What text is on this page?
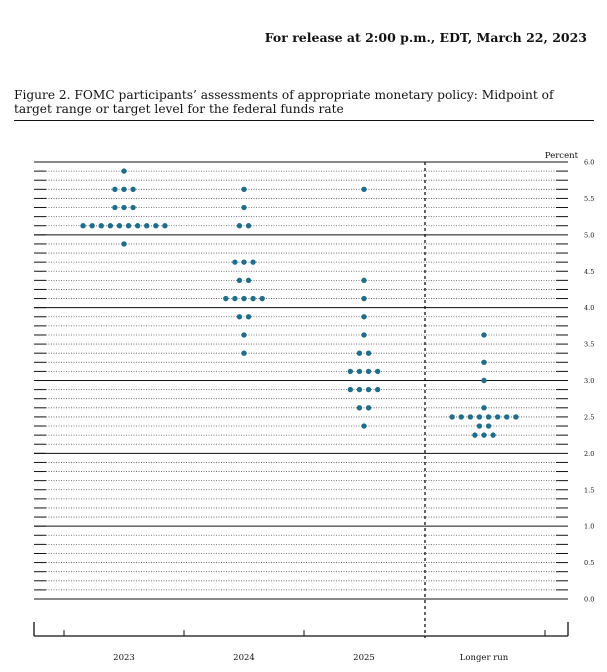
For release at 2:00 p.m., EDT, March 22, 2023
Figure 2. FOMC participants’ assessments of appropriate monetary policy: Midpoint of target range or target level for the federal funds rate
Percent
0.0
0.5
1.0
1.5
2.0
2.5
3.0
3.5
4.0
4.5
5.0
5.5
6.0
2023	2024	2025	Longer run
